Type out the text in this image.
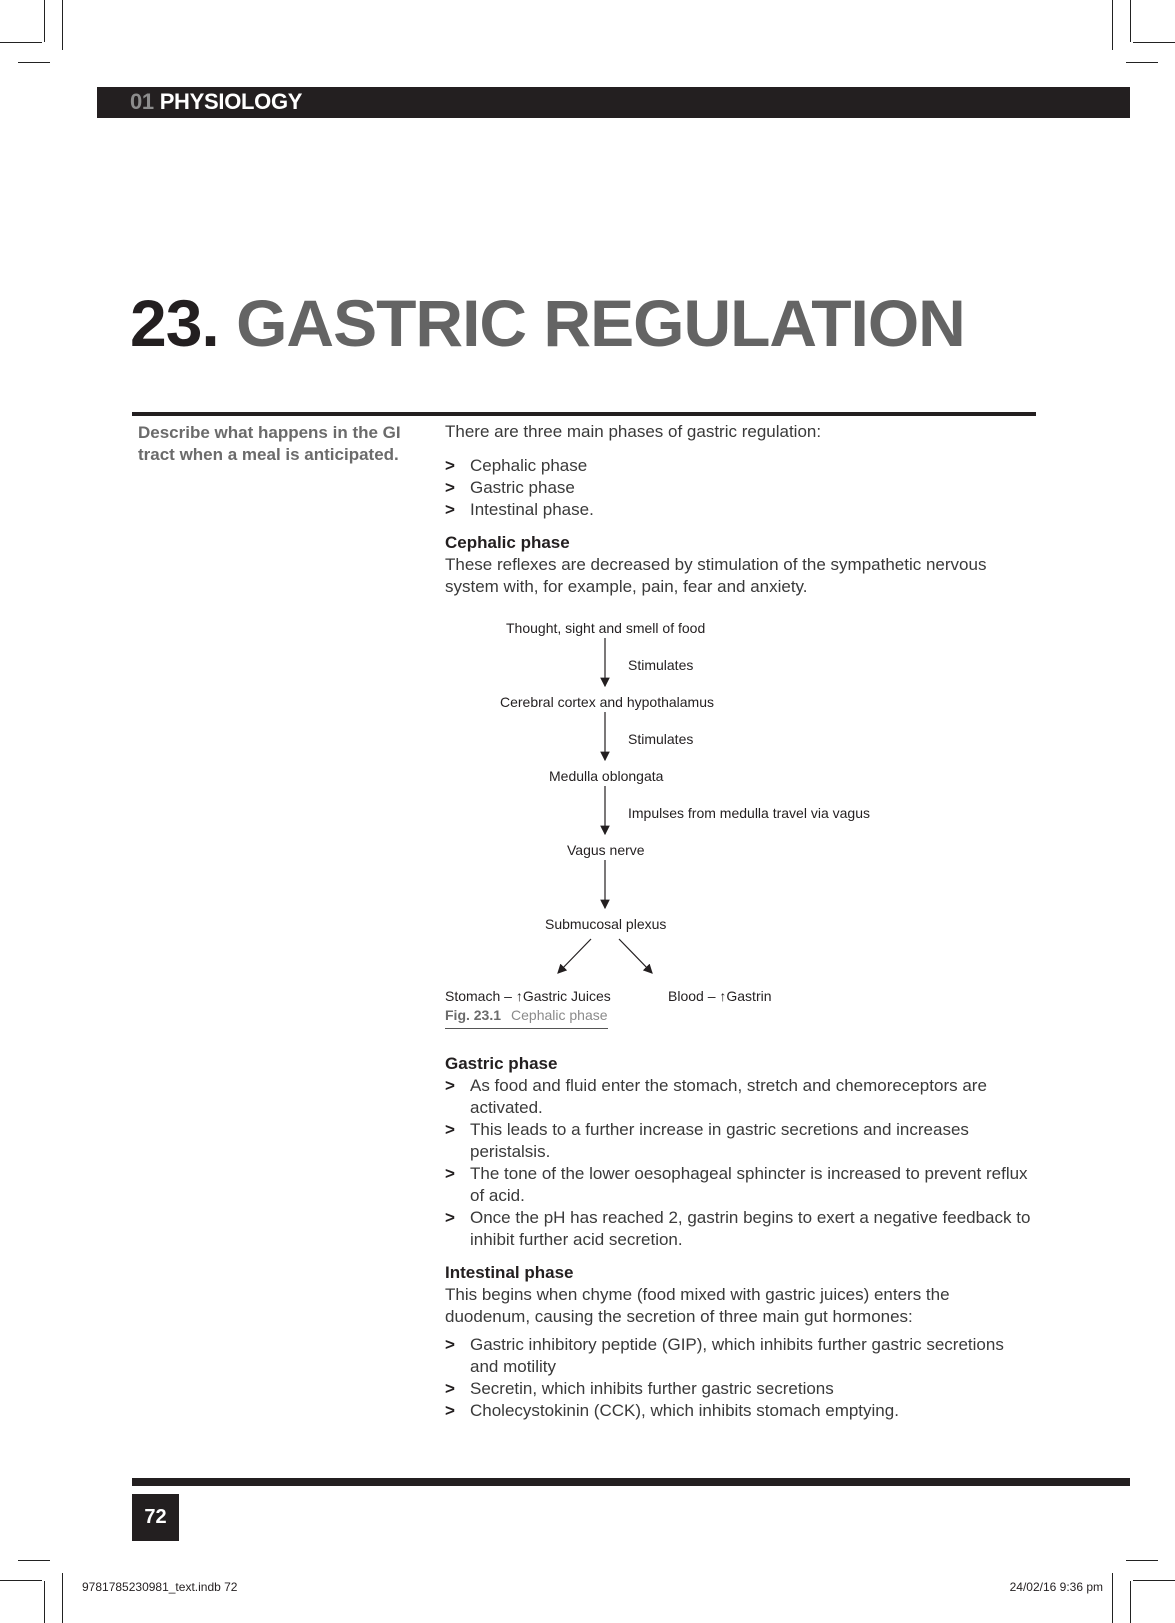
01 PHYSIOLOGY
23. GASTRIC REGULATION
Describe what happens in the GI tract when a meal is anticipated.

There are three main phases of gastric regulation:

> Cephalic phase
> Gastric phase
> Intestinal phase.
Cephalic phase

These reflexes are decreased by stimulation of the sympathetic nervous system with, for example, pain, fear and anxiety.

Thought, sight and smell of food
Stimulates
Cerebral cortex and hypothalamus
Stimulates
Medulla oblongata
Impulses from medulla travel via vagus
Vagus nerve
Submucosal plexus
Stomach – ↑Gastric Juices	Blood – ↑Gastrin
Fig. 23.1 Cephalic phase
Gastric phase
> As food and fluid enter the stomach, stretch and chemoreceptors are activated.
> This leads to a further increase in gastric secretions and increases peristalsis.
> The tone of the lower oesophageal sphincter is increased to prevent reflux of acid.
> Once the pH has reached 2, gastrin begins to exert a negative feedback to inhibit further acid secretion.
Intestinal phase

This begins when chyme (food mixed with gastric juices) enters the duodenum, causing the secretion of three main gut hormones:

> Gastric inhibitory peptide (GIP), which inhibits further gastric secretions and motility
> Secretin, which inhibits further gastric secretions
> Cholecystokinin (CCK), which inhibits stomach emptying.
72
9781785230981_text.indb 72	24/02/16 9:36 pm
